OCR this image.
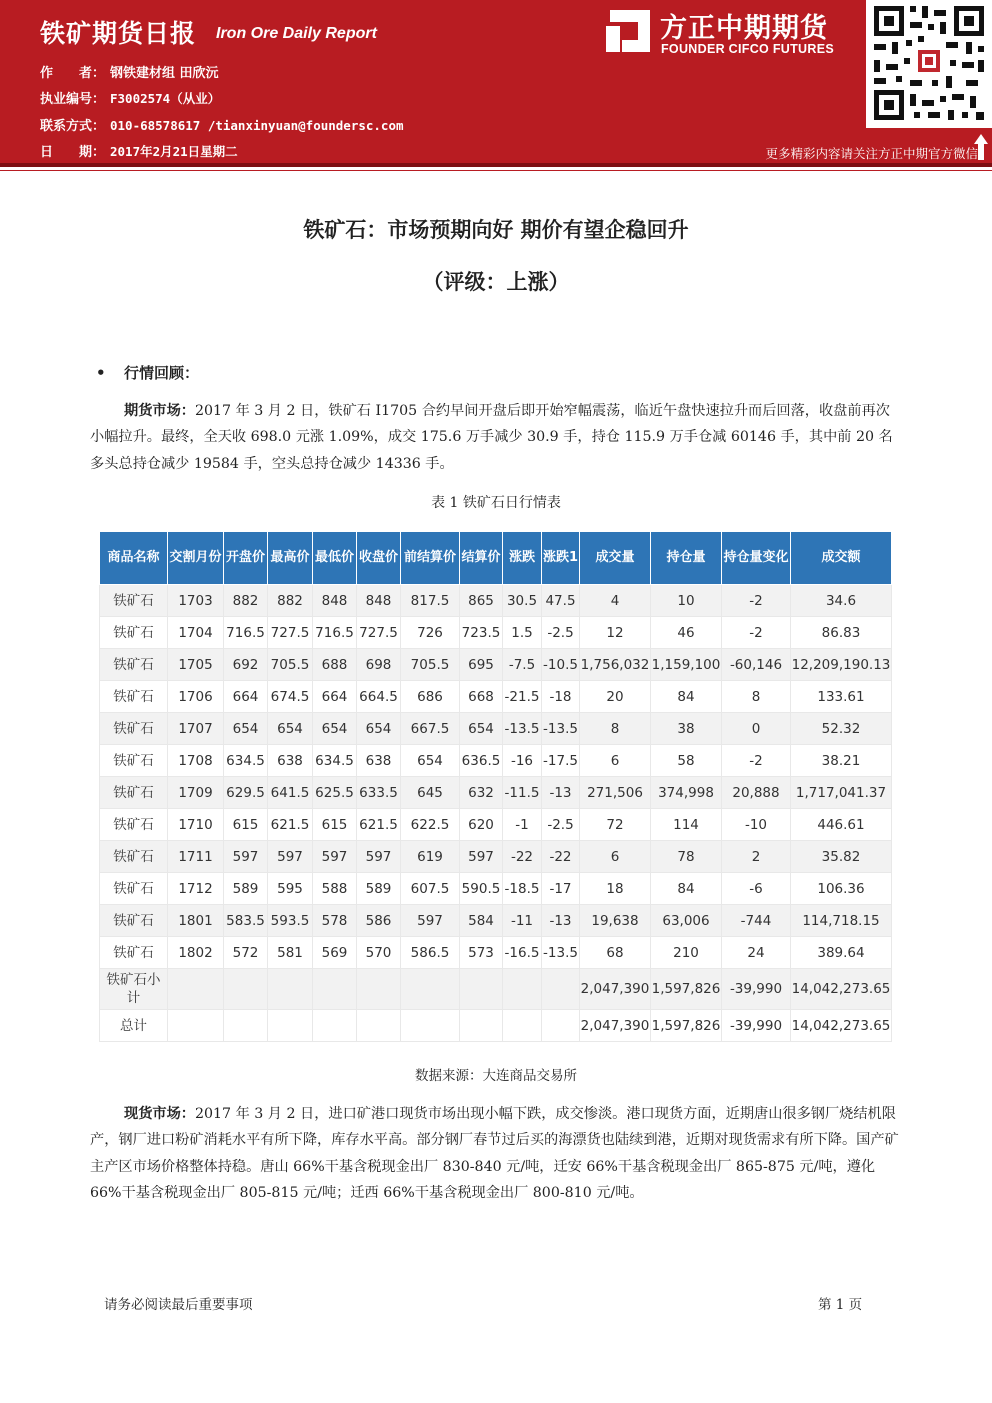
铁矿期货日报 Iron Ore Daily Report
作　　者： 钢铁建材组 田欣沅
执业编号： F3002574（从业）
联系方式： 010-68578617 /tianxinyuan@foundersc.com
日　　期： 2017年2月21日星期二
方正中期期货
FOUNDER CIFCO FUTURES
更多精彩内容请关注方正中期官方微信
铁矿石：市场预期向好 期价有望企稳回升
（评级：上涨）
• 行情回顾：
期货市场：2017 年 3 月 2 日，铁矿石 I1705 合约早间开盘后即开始窄幅震荡，临近午盘快速拉升而后回落，收盘前再次小幅拉升。最终，全天收 698.0 元涨 1.09%，成交 175.6 万手减少 30.9 手，持仓 115.9 万手仓减 60146 手，其中前 20 名多头总持仓减少 19584 手，空头总持仓减少 14336 手。
表 1 铁矿石日行情表
商品名称	交割月份	开盘价	最高价	最低价	收盘价	前结算价	结算价	涨跌	涨跌1	成交量	持仓量	持仓量变化	成交额
铁矿石	1703	882	882	848	848	817.5	865	30.5	47.5	4	10	-2	34.6
铁矿石	1704	716.5	727.5	716.5	727.5	726	723.5	1.5	-2.5	12	46	-2	86.83
铁矿石	1705	692	705.5	688	698	705.5	695	-7.5	-10.5	1,756,032	1,159,100	-60,146	12,209,190.13
铁矿石	1706	664	674.5	664	664.5	686	668	-21.5	-18	20	84	8	133.61
铁矿石	1707	654	654	654	654	667.5	654	-13.5	-13.5	8	38	0	52.32
铁矿石	1708	634.5	638	634.5	638	654	636.5	-16	-17.5	6	58	-2	38.21
铁矿石	1709	629.5	641.5	625.5	633.5	645	632	-11.5	-13	271,506	374,998	20,888	1,717,041.37
铁矿石	1710	615	621.5	615	621.5	622.5	620	-1	-2.5	72	114	-10	446.61
铁矿石	1711	597	597	597	597	619	597	-22	-22	6	78	2	35.82
铁矿石	1712	589	595	588	589	607.5	590.5	-18.5	-17	18	84	-6	106.36
铁矿石	1801	583.5	593.5	578	586	597	584	-11	-13	19,638	63,006	-744	114,718.15
铁矿石	1802	572	581	569	570	586.5	573	-16.5	-13.5	68	210	24	389.64
铁矿石小计										2,047,390	1,597,826	-39,990	14,042,273.65
总计										2,047,390	1,597,826	-39,990	14,042,273.65
数据来源：大连商品交易所
现货市场：2017 年 3 月 2 日，进口矿港口现货市场出现小幅下跌，成交惨淡。港口现货方面，近期唐山很多钢厂烧结机限产，钢厂进口粉矿消耗水平有所下降，库存水平高。部分钢厂春节过后买的海漂货也陆续到港，近期对现货需求有所下降。国产矿主产区市场价格整体持稳。唐山 66%干基含税现金出厂 830-840 元/吨，迁安 66%干基含税现金出厂 865-875 元/吨，遵化 66%干基含税现金出厂 805-815 元/吨；迁西 66%干基含税现金出厂 800-810 元/吨。
请务必阅读最后重要事项	第 1 页
